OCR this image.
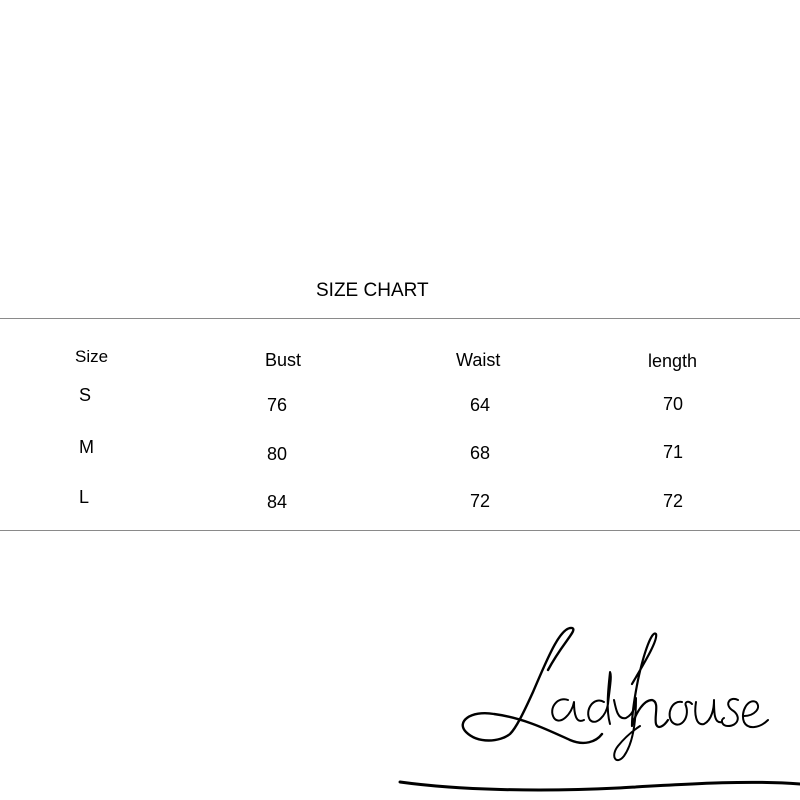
SIZE CHART
Size	Bust	Waist	length
S	76	64	70
M	80	68	71
L	84	72	72
